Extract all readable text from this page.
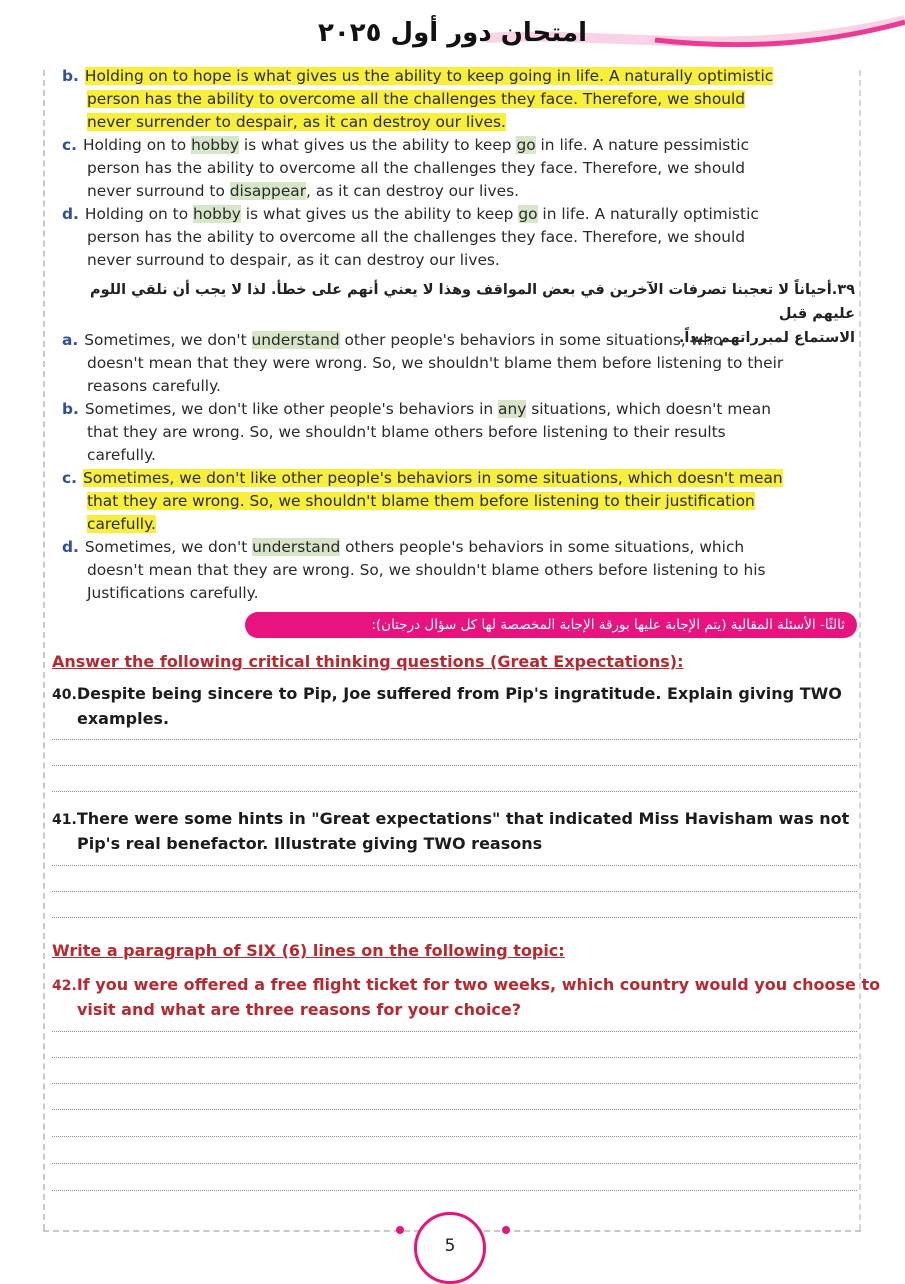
امتحان دور أول ٢٠٢٥
b. Holding on to hope is what gives us the ability to keep going in life. A naturally optimistic
person has the ability to overcome all the challenges they face. Therefore, we should
never surrender to despair, as it can destroy our lives.
c. Holding on to hobby is what gives us the ability to keep go in life. A nature pessimistic
person has the ability to overcome all the challenges they face. Therefore, we should
never surround to disappear, as it can destroy our lives.
d. Holding on to hobby is what gives us the ability to keep go in life. A naturally optimistic
person has the ability to overcome all the challenges they face. Therefore, we should
never surround to despair, as it can destroy our lives.
٣٩.أحياناً لا تعجبنا تصرفات الآخرين في بعض المواقف وهذا لا يعني أنهم على خطأ. لذا لا يجب أن نلقي اللوم عليهم قبل
الاستماع لمبرراتهم جيداً.
a. Sometimes, we don't understand other people's behaviors in some situations, who
doesn't mean that they were wrong. So, we shouldn't blame them before listening to their
reasons carefully.
b. Sometimes, we don't like other people's behaviors in any situations, which doesn't mean
that they are wrong. So, we shouldn't blame others before listening to their results
carefully.
c. Sometimes, we don't like other people's behaviors in some situations, which doesn't mean
that they are wrong. So, we shouldn't blame them before listening to their justification
carefully.
d. Sometimes, we don't understand others people's behaviors in some situations, which
doesn't mean that they are wrong. So, we shouldn't blame others before listening to his
Justifications carefully.
ثالثًا- الأسئلة المقالية (يتم الإجابة عليها بورقة الإجابة المخصصة لها كل سؤال درجتان):
Answer the following critical thinking questions (Great Expectations):
40.Despite being sincere to Pip, Joe suffered from Pip's ingratitude. Explain giving TWO
examples.
41.There were some hints in "Great expectations" that indicated Miss Havisham was not
Pip's real benefactor. Illustrate giving TWO reasons
Write a paragraph of SIX (6) lines on the following topic:
42.If you were offered a free flight ticket for two weeks, which country would you choose to
visit and what are three reasons for your choice?
5
